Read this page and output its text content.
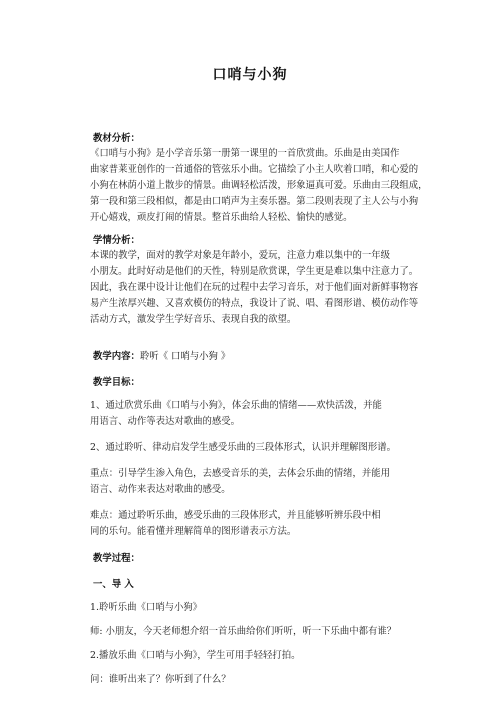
口哨与小狗
教材分析：
《口哨与小狗》是小学音乐第一册第一课里的一首欣赏曲。乐曲是由美国作
曲家普莱亚创作的一首通俗的管弦乐小曲。它描绘了小主人吹着口哨，和心爱的
小狗在林荫小道上散步的情景。曲调轻松活泼，形象逼真可爱。乐曲由三段组成，
第一段和第三段相似，都是由口哨声为主奏乐器。第二段则表现了主人公与小狗
开心嬉戏，顽皮打闹的情景。整首乐曲给人轻松、愉快的感觉。
学情分析：
本课的教学，面对的教学对象是年龄小，爱玩，注意力难以集中的一年级
小朋友。此时好动是他们的天性，特别是欣赏课，学生更是难以集中注意力了。
因此，我在课中设计让他们在玩的过程中去学习音乐，对于他们面对新鲜事物容
易产生浓厚兴趣、又喜欢模仿的特点，我设计了说、唱、看图形谱、模仿动作等
活动方式，激发学生学好音乐、表现自我的欲望。
教学内容：聆听《 口哨与小狗 》
教学目标：
1、通过欣赏乐曲《口哨与小狗》，体会乐曲的情绪——欢快活泼，并能
用语言、动作等表达对歌曲的感受。
2、通过聆听、律动启发学生感受乐曲的三段体形式，认识并理解图形谱。
重点：引导学生渗入角色，去感受音乐的美，去体会乐曲的情绪，并能用
语言、动作来表达对歌曲的感受。
难点：通过聆听乐曲，感受乐曲的三段体形式，并且能够听辨乐段中相
同的乐句。能看懂并理解简单的图形谱表示方法。
教学过程：
一、导 入
1.聆听乐曲《口哨与小狗》
师: 小朋友，今天老师想介绍一首乐曲给你们听听，听一下乐曲中都有谁？
2.播放乐曲《口哨与小狗》，学生可用手轻轻打拍。
问：谁听出来了？你听到了什么？
